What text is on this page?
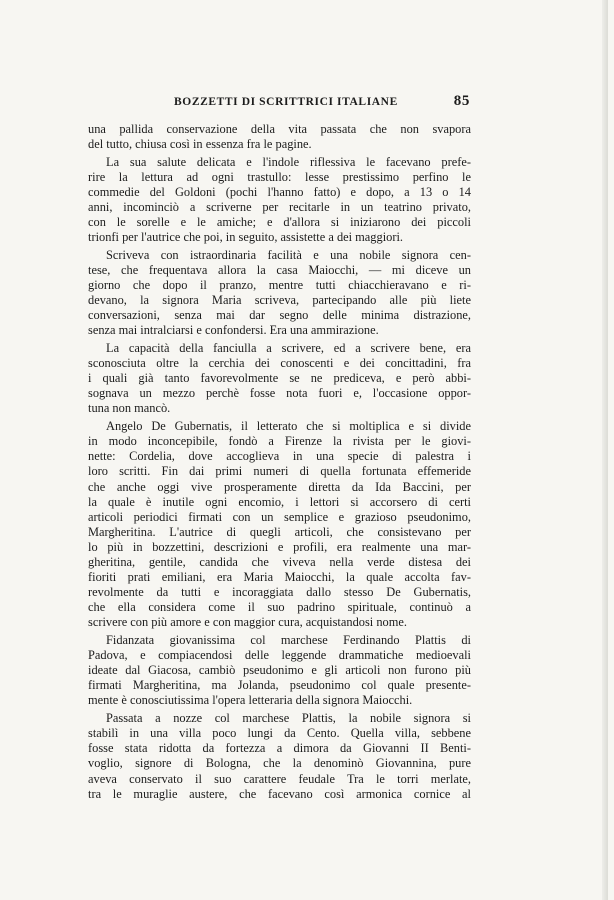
BOZZETTI DI SCRITTRICI ITALIANE	85
una pallida conservazione della vita passata che non svapora
del tutto, chiusa così in essenza fra le pagine.
La sua salute delicata e l'indole riflessiva le facevano prefe-
rire la lettura ad ogni trastullo: lesse prestissimo perfino le
commedie del Goldoni (pochi l'hanno fatto) e dopo, a 13 o 14
anni, incominciò a scriverne per recitarle in un teatrino privato,
con le sorelle e le amiche; e d'allora si iniziarono dei piccoli
trionfi per l'autrice che poi, in seguito, assistette a dei maggiori.
Scriveva con istraordinaria facilità e una nobile signora cen-
tese, che frequentava allora la casa Maiocchi, — mi diceve un
giorno che dopo il pranzo, mentre tutti chiacchieravano e ri-
devano, la signora Maria scriveva, partecipando alle più liete
conversazioni, senza mai dar segno delle minima distrazione,
senza mai intralciarsi e confondersi. Era una ammirazione.
La capacità della fanciulla a scrivere, ed a scrivere bene, era
sconosciuta oltre la cerchia dei conoscenti e dei concittadini, fra
i quali già tanto favorevolmente se ne prediceva, e però abbi-
sognava un mezzo perchè fosse nota fuori e, l'occasione oppor-
tuna non mancò.
Angelo De Gubernatis, il letterato che si moltiplica e si divide
in modo inconcepibile, fondò a Firenze la rivista per le giovi-
nette: Cordelia, dove accoglieva in una specie di palestra i
loro scritti. Fin dai primi numeri di quella fortunata effemeride
che anche oggi vive prosperamente diretta da Ida Baccini, per
la quale è inutile ogni encomio, i lettori si accorsero di certi
articoli periodici firmati con un semplice e grazioso pseudonimo,
Margheritina. L'autrice di quegli articoli, che consistevano per
lo più in bozzettini, descrizioni e profili, era realmente una mar-
gheritina, gentile, candida che viveva nella verde distesa dei
fioriti prati emiliani, era Maria Maiocchi, la quale accolta fav-
revolmente da tutti e incoraggiata dallo stesso De Gubernatis,
che ella considera come il suo padrino spirituale, continuò a
scrivere con più amore e con maggior cura, acquistandosi nome.
Fidanzata giovanissima col marchese Ferdinando Plattis di
Padova, e compiacendosi delle leggende drammatiche medioevali
ideate dal Giacosa, cambiò pseudonimo e gli articoli non furono più
firmati Margheritina, ma Jolanda, pseudonimo col quale presente-
mente è conosciutissima l'opera letteraria della signora Maiocchi.
Passata a nozze col marchese Plattis, la nobile signora si
stabilì in una villa poco lungi da Cento. Quella villa, sebbene
fosse stata ridotta da fortezza a dimora da Giovanni II Benti-
voglio, signore di Bologna, che la denominò Giovannina, pure
aveva conservato il suo carattere feudale Tra le torri merlate,
tra le muraglie austere, che facevano così armonica cornice al
